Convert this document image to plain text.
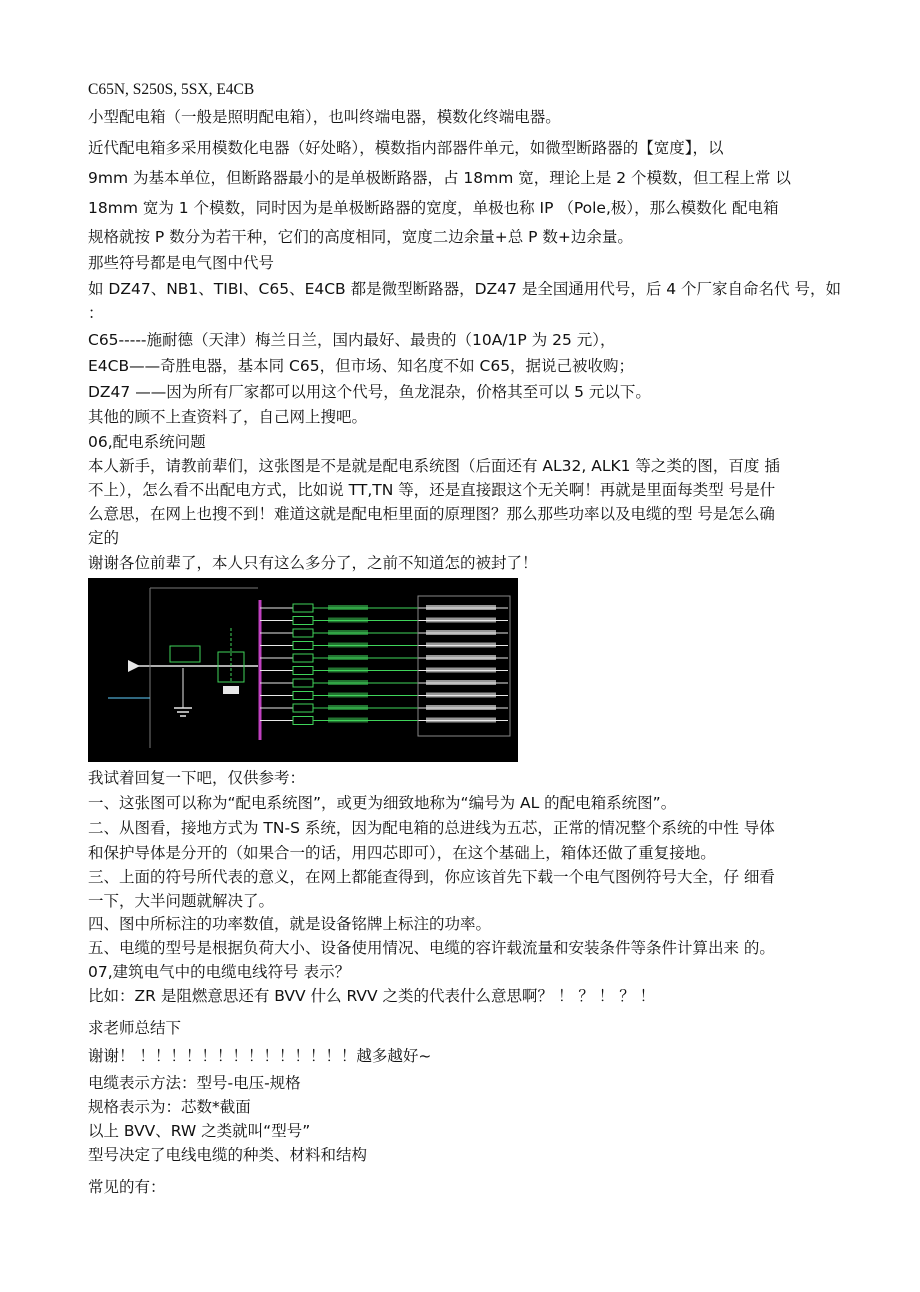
C65N, S250S, 5SX, E4CB
小型配电箱（一般是照明配电箱），也叫终端电器，模数化终端电器。
近代配电箱多采用模数化电器（好处略），模数指内部器件单元，如微型断路器的【宽度】，以
9mm 为基本单位，但断路器最小的是单极断路器，占 18mm 宽，理论上是 2 个模数，但工程上常 以
18mm 宽为 1 个模数，同时因为是单极断路器的宽度，单极也称 IP （Pole,极），那么模数化 配电箱
规格就按 P 数分为若干种，它们的高度相同，宽度二边余量+总 P 数+边余量。
那些符号都是电气图中代号
如 DZ47、NB1、TIBI、C65、E4CB 都是微型断路器，DZ47 是全国通用代号，后 4 个厂家自命名代 号，如
：
C65-----施耐德（天津）梅兰日兰，国内最好、最贵的（10A/1P 为 25 元），
E4CB——奇胜电器，基本同 C65，但市场、知名度不如 C65，据说己被收购；
DZ47 ——因为所有厂家都可以用这个代号，鱼龙混杂，价格其至可以 5 元以下。
其他的顾不上查资料了，自己网上搜吧。
06,配电系统问题
本人新手，请教前辈们，这张图是不是就是配电系统图（后面还有 AL32, ALK1 等之类的图，百度 插
不上），怎么看不出配电方式，比如说 TT,TN 等，还是直接跟这个无关啊！再就是里面每类型 号是什
么意思，在网上也搜不到！难道这就是配电柜里面的原理图？那么那些功率以及电缆的型 号是怎么确
定的
谢谢各位前辈了，本人只有这么多分了，之前不知道怎的被封了！
我试着回复一下吧，仅供参考：
一、这张图可以称为“配电系统图”，或更为细致地称为“编号为 AL 的配电箱系统图”。
二、从图看，接地方式为 TN-S 系统，因为配电箱的总进线为五芯，正常的情况整个系统的中性 导体
和保护导体是分开的（如果合一的话，用四芯即可），在这个基础上，箱体还做了重复接地。
三、上面的符号所代表的意义，在网上都能查得到，你应该首先下载一个电气图例符号大全，仔 细看
一下，大半问题就解决了。
四、图中所标注的功率数值，就是设备铭牌上标注的功率。
五、电缆的型号是根据负荷大小、设备使用情况、电缆的容许载流量和安装条件等条件计算出来 的。
07,建筑电气中的电缆电线符号 表示？
比如：ZR 是阻燃意思还有 BVV 什么 RVV 之类的代表什么意思啊？ ！ ？ ！ ？ ！
求老师总结下
谢谢！ ！！！！！！！！！！！！！！越多越好~
电缆表示方法：型号-电压-规格
规格表示为：芯数*截面
以上 BVV、RW 之类就叫“型号”
型号决定了电线电缆的种类、材料和结构
常见的有：
